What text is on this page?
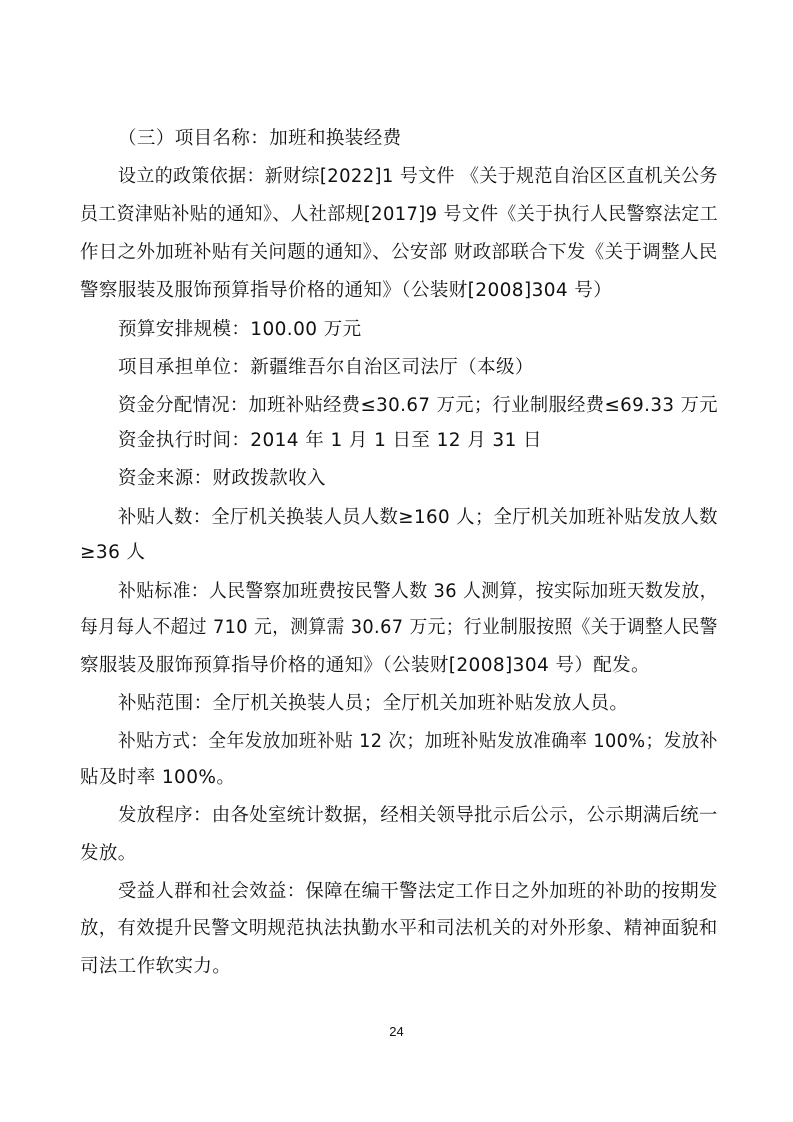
（三）项目名称：加班和换装经费
设立的政策依据：新财综[2022]1 号文件 《关于规范自治区区直机关公务
员工资津贴补贴的通知》、人社部规[2017]9 号文件《关于执行人民警察法定工
作日之外加班补贴有关问题的通知》、公安部 财政部联合下发《关于调整人民
警察服装及服饰预算指导价格的通知》（公装财[2008]304 号）
预算安排规模：100.00 万元
项目承担单位：新疆维吾尔自治区司法厅（本级）
资金分配情况：加班补贴经费≤30.67 万元；行业制服经费≤69.33 万元
资金执行时间：2014 年 1 月 1 日至 12 月 31 日
资金来源：财政拨款收入
补贴人数：全厅机关换装人员人数≥160 人；全厅机关加班补贴发放人数
≥36 人
补贴标准：人民警察加班费按民警人数 36 人测算，按实际加班天数发放，
每月每人不超过 710 元，测算需 30.67 万元；行业制服按照《关于调整人民警
察服装及服饰预算指导价格的通知》（公装财[2008]304 号）配发。
补贴范围：全厅机关换装人员；全厅机关加班补贴发放人员。
补贴方式：全年发放加班补贴 12 次；加班补贴发放准确率 100%；发放补
贴及时率 100%。
发放程序：由各处室统计数据，经相关领导批示后公示，公示期满后统一
发放。
受益人群和社会效益：保障在编干警法定工作日之外加班的补助的按期发
放，有效提升民警文明规范执法执勤水平和司法机关的对外形象、精神面貌和
司法工作软实力。
24
